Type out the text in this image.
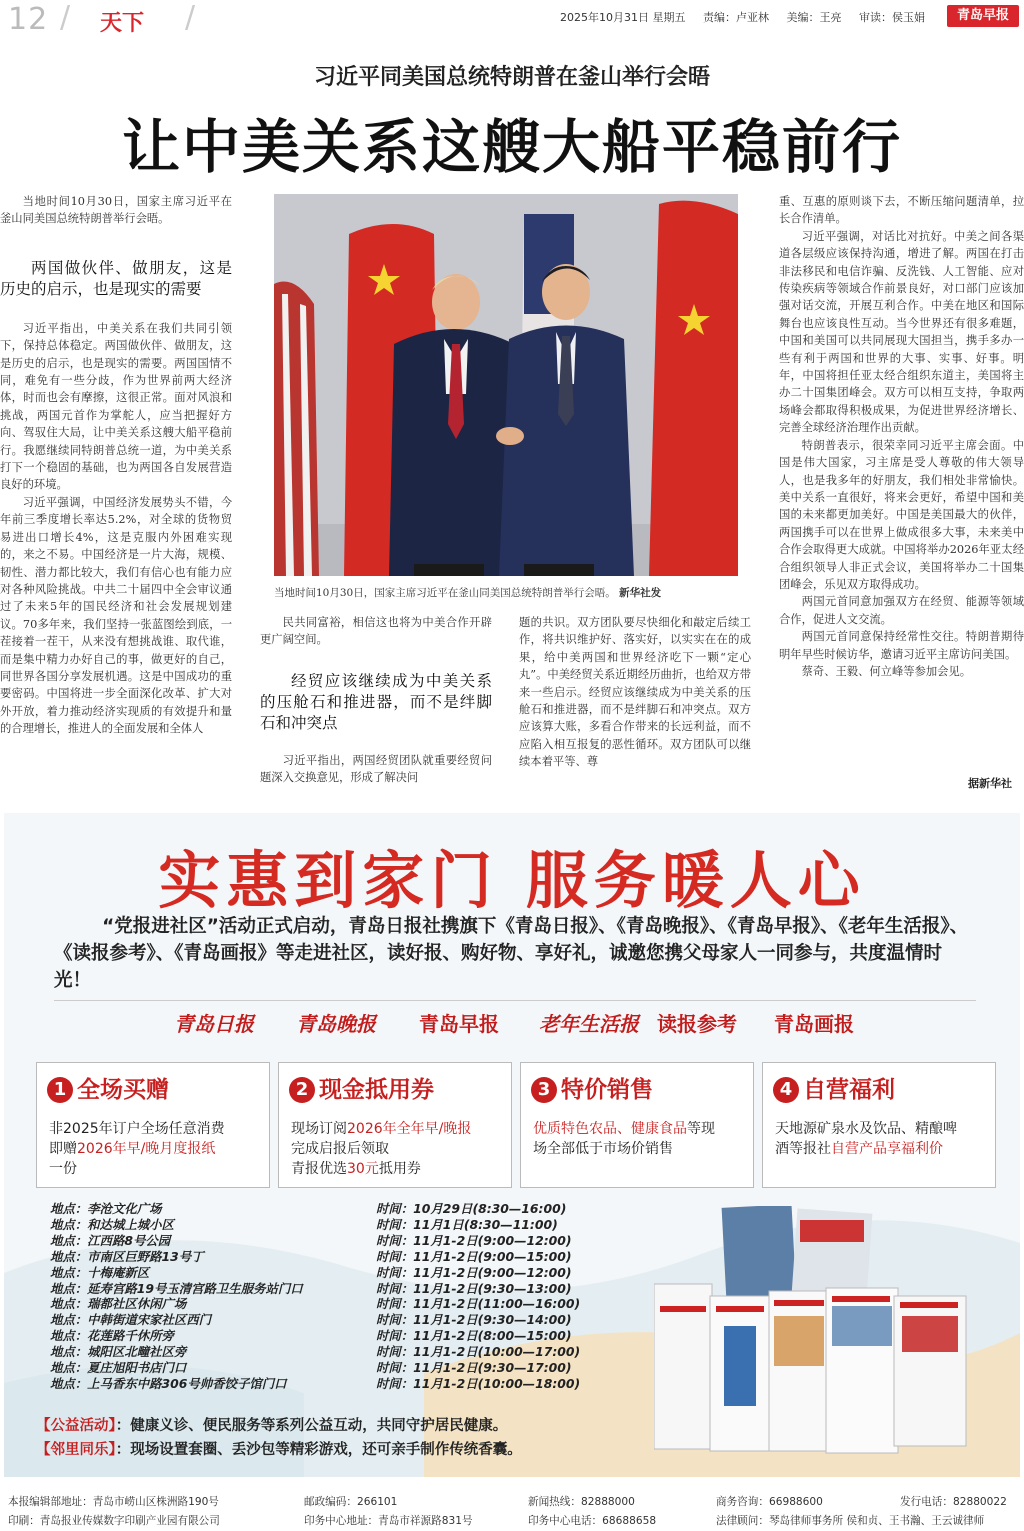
12 / 天下 /	2025年10月31日 星期五 责编：卢亚林 美编：王亮 审读：侯玉娟	青岛早报
习近平同美国总统特朗普在釜山举行会晤
让中美关系这艘大船平稳前行

当地时间10月30日，国家主席习近平在釜山同美国总统特朗普举行会晤。

两国做伙伴、做朋友，这是历史的启示，也是现实的需要

习近平指出，中美关系在我们共同引领下，保持总体稳定。两国做伙伴、做朋友，这是历史的启示，也是现实的需要。两国国情不同，难免有一些分歧，作为世界前两大经济体，时而也会有摩擦，这很正常。面对风浪和挑战，两国元首作为掌舵人，应当把握好方向、驾驭住大局，让中美关系这艘大船平稳前行。我愿继续同特朗普总统一道，为中美关系打下一个稳固的基础，也为两国各自发展营造良好的环境。

习近平强调，中国经济发展势头不错，今年前三季度增长率达5.2%，对全球的货物贸易进出口增长4%，这是克服内外困难实现的，来之不易。中国经济是一片大海，规模、韧性、潜力都比较大，我们有信心也有能力应对各种风险挑战。中共二十届四中全会审议通过了未来5年的国民经济和社会发展规划建议。70多年来，我们坚持一张蓝图绘到底，一茬接着一茬干，从来没有想挑战谁、取代谁，而是集中精力办好自己的事，做更好的自己，同世界各国分享发展机遇。这是中国成功的重要密码。中国将进一步全面深化改革、扩大对外开放，着力推动经济实现质的有效提升和量的合理增长，推进人的全面发展和全体人

当地时间10月30日，国家主席习近平在釜山同美国总统特朗普举行会晤。 新华社发

民共同富裕，相信这也将为中美合作开辟更广阔空间。

经贸应该继续成为中美关系的压舱石和推进器，而不是绊脚石和冲突点

习近平指出，两国经贸团队就重要经贸问题深入交换意见，形成了解决问

题的共识。双方团队要尽快细化和敲定后续工作，将共识维护好、落实好，以实实在在的成果，给中美两国和世界经济吃下一颗“定心丸”。中美经贸关系近期经历曲折，也给双方带来一些启示。经贸应该继续成为中美关系的压舱石和推进器，而不是绊脚石和冲突点。双方应该算大账，多看合作带来的长远利益，而不应陷入相互报复的恶性循环。双方团队可以继续本着平等、尊

重、互惠的原则谈下去，不断压缩问题清单，拉长合作清单。

习近平强调，对话比对抗好。中美之间各渠道各层级应该保持沟通，增进了解。两国在打击非法移民和电信诈骗、反洗钱、人工智能、应对传染疾病等领域合作前景良好，对口部门应该加强对话交流，开展互利合作。中美在地区和国际舞台也应该良性互动。当今世界还有很多难题，中国和美国可以共同展现大国担当，携手多办一些有利于两国和世界的大事、实事、好事。明年，中国将担任亚太经合组织东道主，美国将主办二十国集团峰会。双方可以相互支持，争取两场峰会都取得积极成果，为促进世界经济增长、完善全球经济治理作出贡献。

特朗普表示，很荣幸同习近平主席会面。中国是伟大国家，习主席是受人尊敬的伟大领导人，也是我多年的好朋友，我们相处非常愉快。美中关系一直很好，将来会更好，希望中国和美国的未来都更加美好。中国是美国最大的伙伴，两国携手可以在世界上做成很多大事，未来美中合作会取得更大成就。中国将举办2026年亚太经合组织领导人非正式会议，美国将举办二十国集团峰会，乐见双方取得成功。

两国元首同意加强双方在经贸、能源等领域合作，促进人文交流。

两国元首同意保持经常性交往。特朗普期待明年早些时候访华，邀请习近平主席访问美国。

蔡奇、王毅、何立峰等参加会见。

据新华社
实惠到家门 服务暖人心
“党报进社区”活动正式启动，青岛日报社携旗下《青岛日报》、《青岛晚报》、《青岛早报》、《老年生活报》、《读报参考》、《青岛画报》等走进社区，读好报、购好物、享好礼，诚邀您携父母家人一同参与，共度温情时光！
青岛日报 青岛晚报 青岛早报 老年生活报 读报参考 青岛画报
1 全场买赠
非2025年订户全场任意消费
即赠2026年早/晚月度报纸
一份
2 现金抵用券
现场订阅2026年全年早/晚报
完成启报后领取
青报优选30元抵用券
3 特价销售
优质特色农品、健康食品等现
场全部低于市场价销售
4 自营福利
天地源矿泉水及饮品、精酿啤
酒等报社自营产品享福利价
地点：李沧文化广场
地点：和达城上城小区
地点：江西路8号公园
地点：市南区巨野路13号丁
地点：十梅庵新区
地点：延寿宫路19号玉清宫路卫生服务站门口
地点：瑞都社区休闲广场
地点：中韩街道宋家社区西门
地点：花莲路千休所旁
地点：城阳区北疃社区旁
地点：夏庄旭阳书店门口
地点：上马香东中路306号帅香饺子馆门口
时间：10月29日(8:30—16:00)
时间：11月1日(8:30—11:00)
时间：11月1-2日(9:00—12:00)
时间：11月1-2日(9:00—15:00)
时间：11月1-2日(9:00—12:00)
时间：11月1-2日(9:30—13:00)
时间：11月1-2日(11:00—16:00)
时间：11月1-2日(9:30—14:00)
时间：11月1-2日(8:00—15:00)
时间：11月1-2日(10:00—17:00)
时间：11月1-2日(9:30—17:00)
时间：11月1-2日(10:00—18:00)
【公益活动】：健康义诊、便民服务等系列公益互动，共同守护居民健康。
【邻里同乐】：现场设置套圈、丢沙包等精彩游戏，还可亲手制作传统香囊。
本报编辑部地址：青岛市崂山区株洲路190号
印刷：青岛报业传媒数字印刷产业园有限公司
邮政编码：266101
印务中心地址：青岛市祥源路831号
新闻热线：82888000
印务中心电话：68688658
商务咨询：66988600
法律顾问：琴岛律师事务所 侯和贞、王书瀚、王云诚律师
发行电话：82880022
